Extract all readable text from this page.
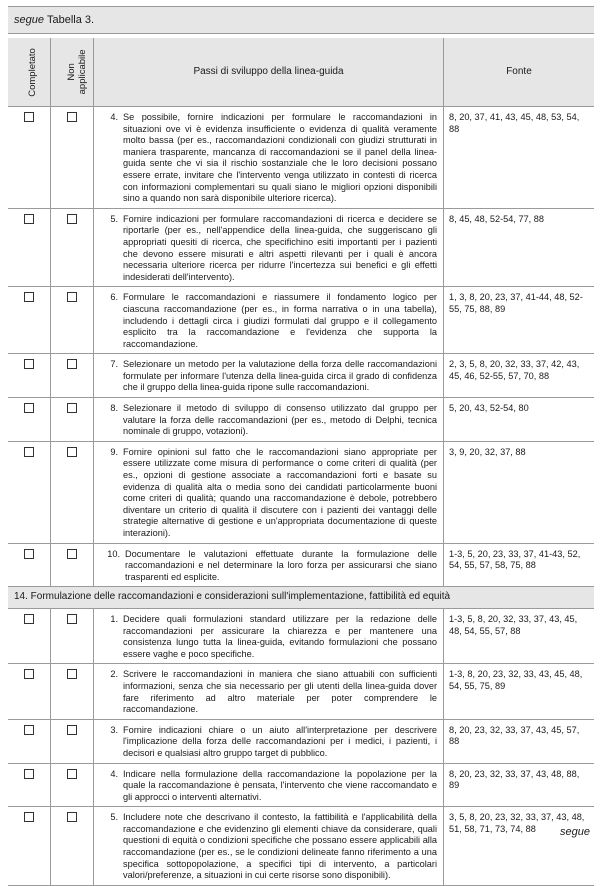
segue Tabella 3.
Completato	Non applicabile	Passi di sviluppo della linea-guida	Fonte

		4. Se possibile, fornire indicazioni per formulare le raccomandazioni in situazioni ove vi è evidenza insufficiente o evidenza di qualità veramente molto bassa (per es., raccomandazioni condizionali con giudizi strutturati in maniera trasparente, mancanza di raccomandazioni se il panel della linea-guida sente che vi sia il rischio sostanziale che le loro decisioni possano essere errate, invitare che l'intervento venga utilizzato in contesti di ricerca con informazioni complementari su quali siano le migliori opzioni disponibili sino a quando non sarà disponibile ulteriore ricerca).	8, 20, 37, 41, 43, 45, 48, 53, 54, 88

		5. Fornire indicazioni per formulare raccomandazioni di ricerca e decidere se riportarle (per es., nell'appendice della linea-guida, che suggeriscano gli appropriati quesiti di ricerca, che specifichino esiti importanti per i pazienti che devono essere misurati e altri aspetti rilevanti per i quali è ancora necessaria ulteriore ricerca per ridurre l'incertezza sui benefici e gli effetti indesiderati dell'intervento).	8, 45, 48, 52-54, 77, 88

		6. Formulare le raccomandazioni e riassumere il fondamento logico per ciascuna raccomandazione (per es., in forma narrativa o in una tabella), includendo i dettagli circa i giudizi formulati dal gruppo e il collegamento esplicito tra la raccomandazione e l'evidenza che supporta la raccomandazione.	1, 3, 8, 20, 23, 37, 41-44, 48, 52-55, 75, 88, 89

		7. Selezionare un metodo per la valutazione della forza delle raccomandazioni formulate per informare l'utenza della linea-guida circa il grado di confidenza che il gruppo della linea-guida ripone sulle raccomandazioni.	2, 3, 5, 8, 20, 32, 33, 37, 42, 43, 45, 46, 52-55, 57, 70, 88

		8. Selezionare il metodo di sviluppo di consenso utilizzato dal gruppo per valutare la forza delle raccomandazioni (per es., metodo di Delphi, tecnica nominale di gruppo, votazioni).	5, 20, 43, 52-54, 80

		9. Fornire opinioni sul fatto che le raccomandazioni siano appropriate per essere utilizzate come misura di performance o come criteri di qualità (per es., opzioni di gestione associate a raccomandazioni forti e basate su evidenza di qualità alta o media sono dei candidati particolarmente buoni come criteri di qualità; quando una raccomandazione è debole, potrebbero diventare un criterio di qualità il discutere con i pazienti dei vantaggi delle strategie alternative di gestione e un'appropriata documentazione di queste interazioni).	3, 9, 20, 32, 37, 88

		10. Documentare le valutazioni effettuate durante la formulazione delle raccomandazioni e nel determinare la loro forza per assicurarsi che siano trasparenti ed esplicite.	1-3, 5, 20, 23, 33, 37, 41-43, 52, 54, 55, 57, 58, 75, 88
14. Formulazione delle raccomandazioni e considerazioni sull'implementazione, fattibilità ed equità			

		1. Decidere quali formulazioni standard utilizzare per la redazione delle raccomandazioni per assicurare la chiarezza e per mantenere una consistenza lungo tutta la linea-guida, evitando formulazioni che possano essere vaghe e poco specifiche.	1-3, 5, 8, 20, 32, 33, 37, 43, 45, 48, 54, 55, 57, 88

		2. Scrivere le raccomandazioni in maniera che siano attuabili con sufficienti informazioni, senza che sia necessario per gli utenti della linea-guida dover fare riferimento ad altro materiale per poter comprendere le raccomandazione.	1-3, 8, 20, 23, 32, 33, 43, 45, 48, 54, 55, 75, 89

		3. Fornire indicazioni chiare o un aiuto all'interpretazione per descrivere l'implicazione della forza delle raccomandazioni per i medici, i pazienti, i decisori e qualsiasi altro gruppo target di pubblico.	8, 20, 23, 32, 33, 37, 43, 45, 57, 88

		4. Indicare nella formulazione della raccomandazione la popolazione per la quale la raccomandazione è pensata, l'intervento che viene raccomandato e gli approcci o interventi alternativi.	8, 20, 23, 32, 33, 37, 43, 48, 88, 89

		5. Includere note che descrivano il contesto, la fattibilità e l'applicabilità della raccomandazione e che evidenzino gli elementi chiave da considerare, quali questioni di equità o condizioni specifiche che possano essere applicabili alla raccomandazione (per es., se le condizioni delineate fanno riferimento a una specifica sottopopolazione, a specifici tipi di intervento, a particolari valori/preferenze, a situazioni in cui certe risorse sono disponibili).	3, 5, 8, 20, 23, 32, 33, 37, 43, 48, 51, 58, 71, 73, 74, 88 segue
